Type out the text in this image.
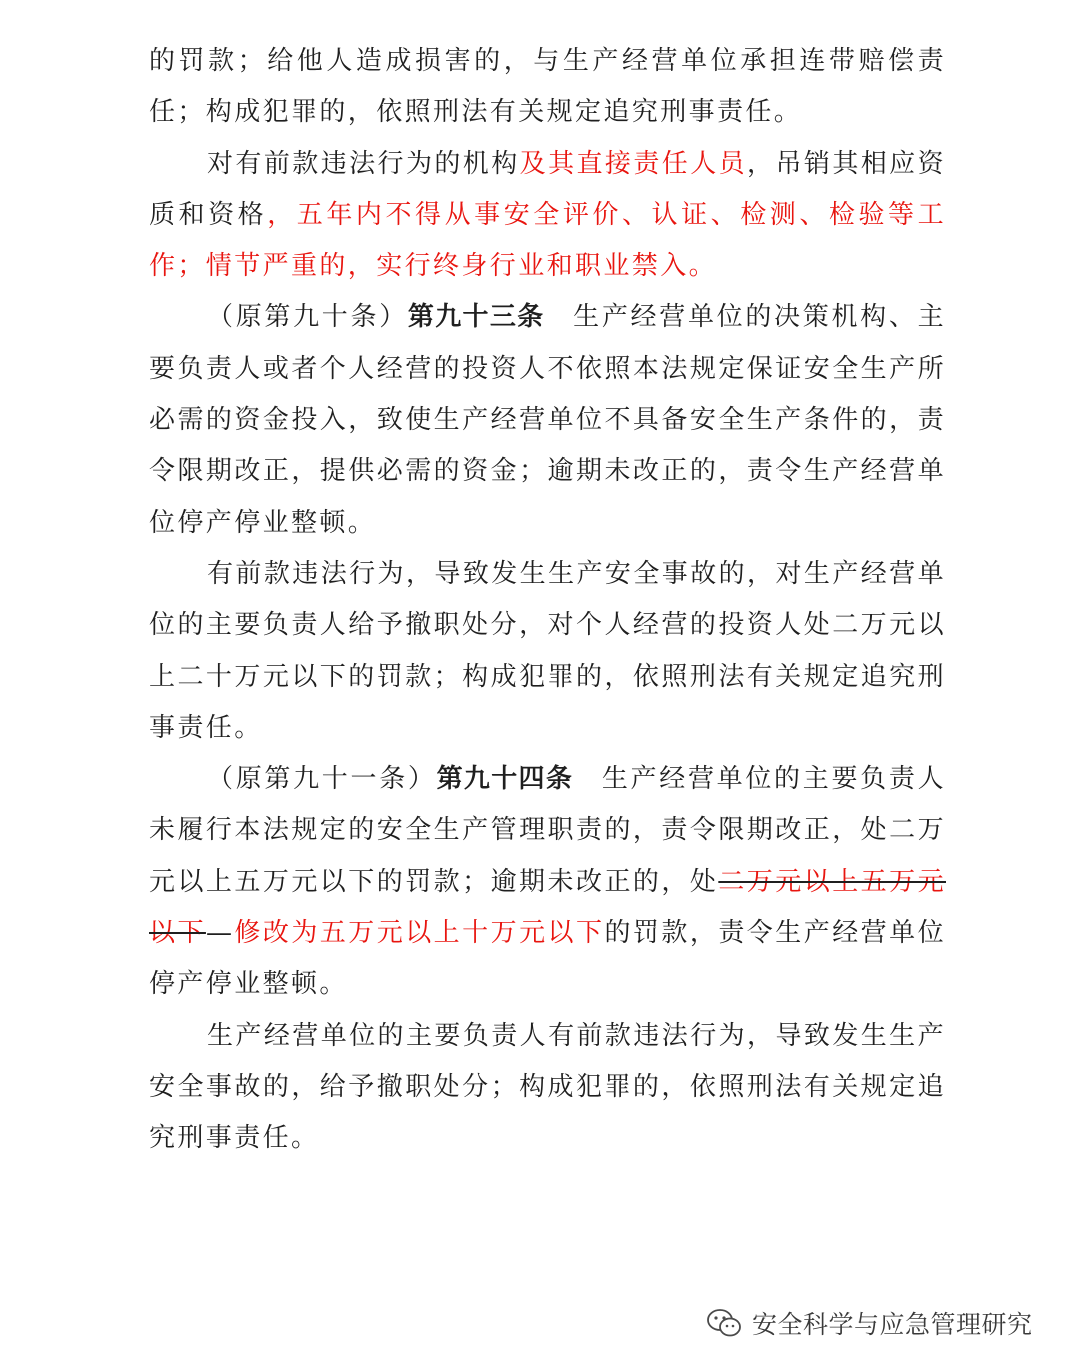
的罚款；给他人造成损害的，与生产经营单位承担连带赔偿责任；构成犯罪的，依照刑法有关规定追究刑事责任。

对有前款违法行为的机构及其直接责任人员，吊销其相应资质和资格，五年内不得从事安全评价、认证、检测、检验等工作；情节严重的，实行终身行业和职业禁入。

（原第九十条）第九十三条　 生产经营单位的决策机构、主要负责人或者个人经营的投资人不依照本法规定保证安全生产所必需的资金投入，致使生产经营单位不具备安全生产条件的，责令限期改正，提供必需的资金；逾期未改正的，责令生产经营单位停产停业整顿。

有前款违法行为，导致发生生产安全事故的，对生产经营单位的主要负责人给予撤职处分，对个人经营的投资人处二万元以上二十万元以下的罚款；构成犯罪的，依照刑法有关规定追究刑事责任。

（原第九十一条）第九十四条　 生产经营单位的主要负责人未履行本法规定的安全生产管理职责的，责令限期改正，处二万元以上五万元以下的罚款；逾期未改正的，处二万元以上五万元以下—修改为五万元以上十万元以下的罚款，责令生产经营单位停产停业整顿。

生产经营单位的主要负责人有前款违法行为，导致发生生产安全事故的，给予撤职处分；构成犯罪的，依照刑法有关规定追究刑事责任。

安全科学与应急管理研究
